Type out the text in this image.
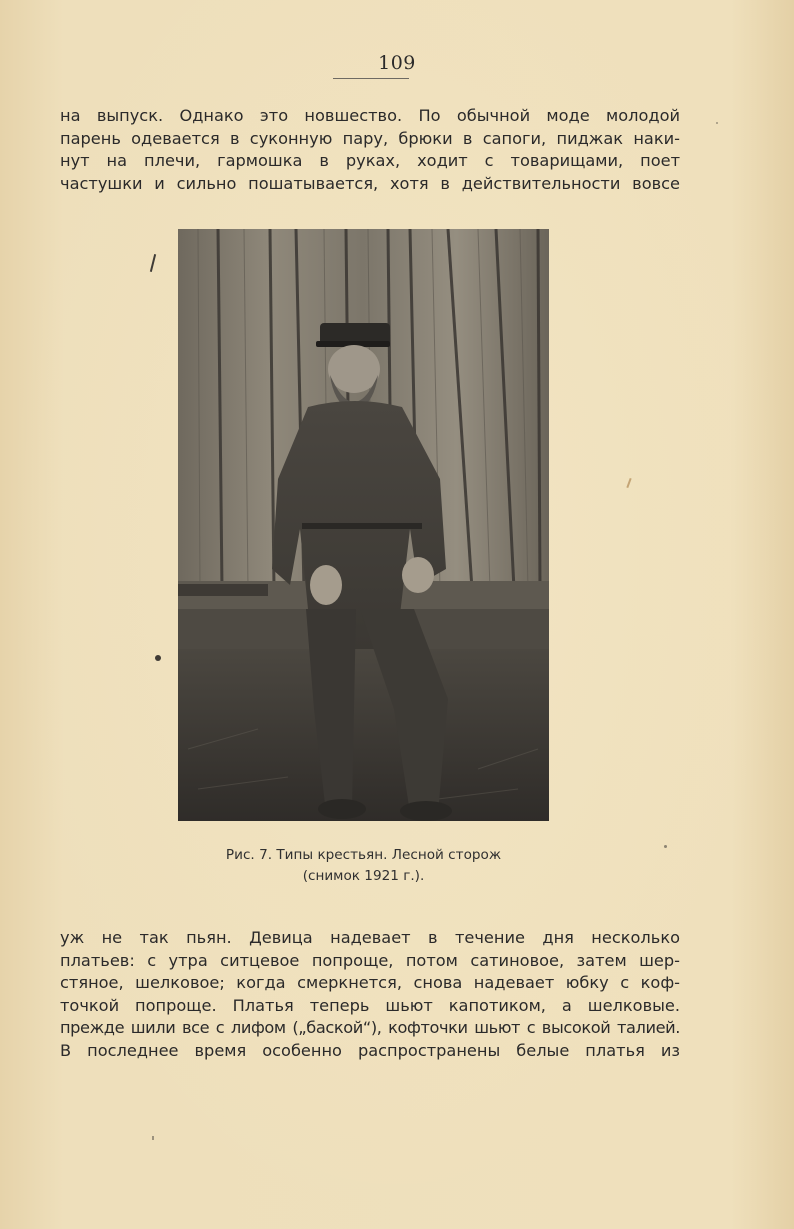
109
на выпуск. Однако это новшество. По обычной моде молодой
парень одевается в суконную пару, брюки в сапоги, пиджак наки-
нут на плечи, гармошка в руках, ходит с товарищами, поет
частушки и сильно пошатывается, хотя в действительности вовсе
Рис. 7. Типы крестьян. Лесной сторож
(снимок 1921 г.).
уж не так пьян. Девица надевает в течение дня несколько
платьев: с утра ситцевое попроще, потом сатиновое, затем шер-
стяное, шелковое; когда смеркнется, снова надевает юбку с коф-
точкой попроще. Платья теперь шьют капотиком, а шелковые.
прежде шили все с лифом („баской“), кофточки шьют с высокой талией.
В последнее время особенно распространены белые платья из
